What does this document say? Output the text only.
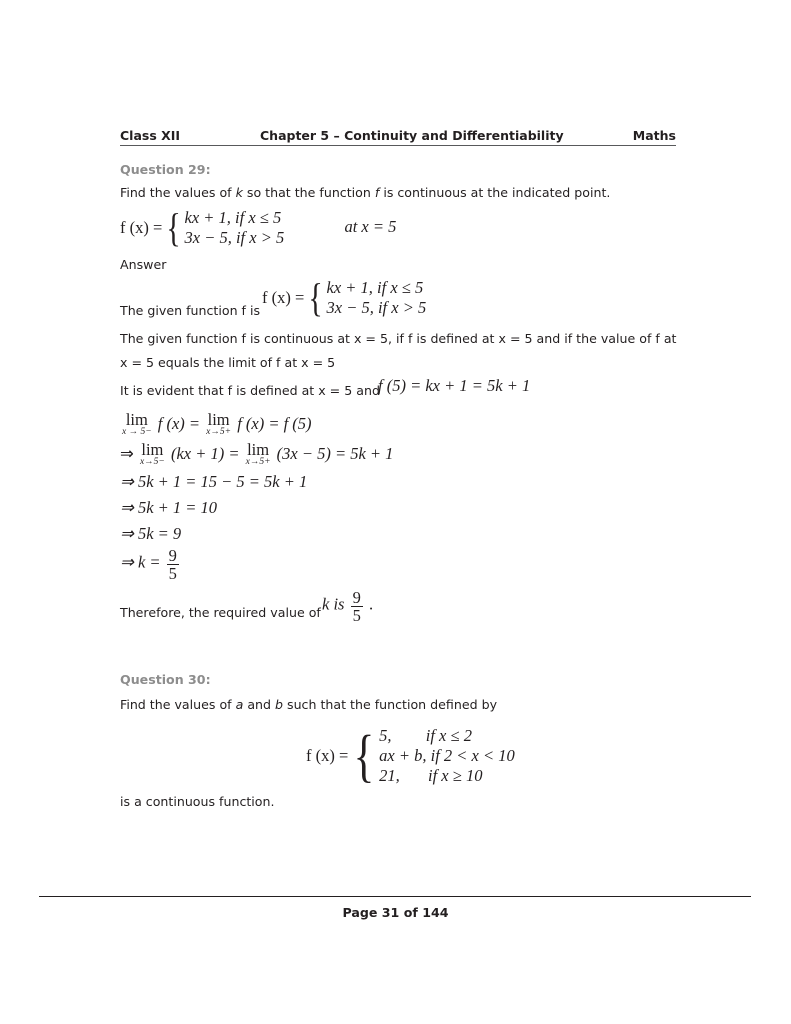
Class XII	Chapter 5 – Continuity and Differentiability	Maths
Question 29:
Find the values of k so that the function f is continuous at the indicated point.
f (x) = { kx + 1, if x ≤ 5
3x − 5, if x > 5
at x = 5
Answer
f (x) = { kx + 1, if x ≤ 5
3x − 5, if x > 5
The given function f is
The given function f is continuous at x = 5, if f is defined at x = 5 and if the value of f at
x = 5 equals the limit of f at x = 5
It is evident that f is defined at x = 5 and
f (5) = kx + 1 = 5k + 1
lim
x → 5− f (x) = lim
x→5+ f (x) = f (5)
⇒ lim
x→5− (kx + 1) = lim
x→5+ (3x − 5) = 5k + 1
⇒ 5k + 1 = 15 − 5 = 5k + 1
⇒ 5k + 1 = 10
⇒ 5k = 9
⇒ $k = \frac{9}{5}$
Therefore, the required value of k is $\frac{9}{5}$ .
Question 30:
Find the values of a and b such that the function defined by
f (x) = { 5, if x ≤ 2
ax + b, if 2 < x < 10
21, if x ≥ 10
is a continuous function.
Page 31 of 144
